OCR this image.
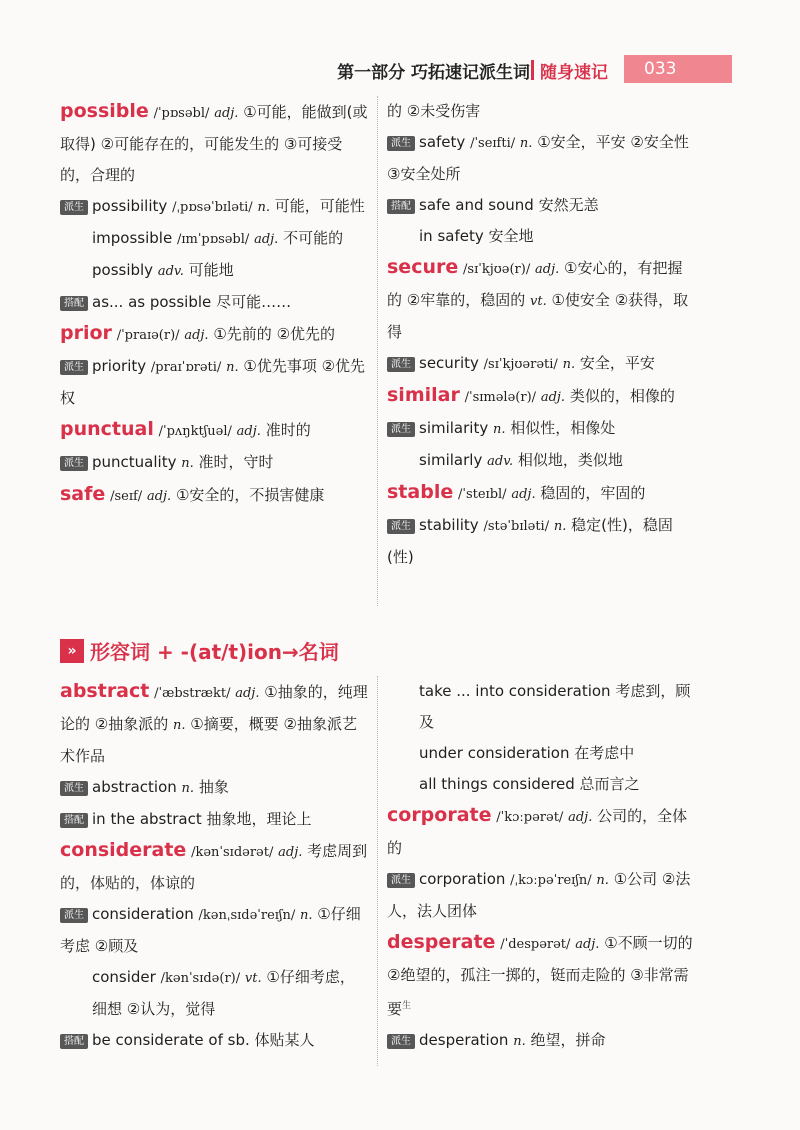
第一部分 巧拓速记派生词 随身速记	033

possible /ˈpɒsəbl/ adj. ①可能，能做到(或取得) ②可能存在的，可能发生的 ③可接受的，合理的

派生 possibility /ˌpɒsəˈbɪləti/ n. 可能，可能性

impossible /ɪmˈpɒsəbl/ adj. 不可能的

possibly adv. 可能地

搭配 as... as possible 尽可能……

prior /ˈpraɪə(r)/ adj. ①先前的 ②优先的

派生 priority /praɪˈɒrəti/ n. ①优先事项 ②优先权

punctual /ˈpʌŋktʃuəl/ adj. 准时的

派生 punctuality n. 准时，守时

safe /seɪf/ adj. ①安全的，不损害健康

的 ②未受伤害

派生 safety /ˈseɪfti/ n. ①安全，平安 ②安全性 ③安全处所

搭配 safe and sound 安然无恙

in safety 安全地

secure /sɪˈkjʊə(r)/ adj. ①安心的，有把握的 ②牢靠的，稳固的 vt. ①使安全 ②获得，取得

派生 security /sɪˈkjʊərəti/ n. 安全，平安

similar /ˈsɪmələ(r)/ adj. 类似的，相像的

派生 similarity n. 相似性，相像处

similarly adv. 相似地，类似地

stable /ˈsteɪbl/ adj. 稳固的，牢固的

派生 stability /stəˈbɪləti/ n. 稳定(性)，稳固(性)

» 形容词 + -(at/t)ion→名词

abstract /ˈæbstrækt/ adj. ①抽象的，纯理论的 ②抽象派的 n. ①摘要，概要 ②抽象派艺术作品

派生 abstraction n. 抽象

搭配 in the abstract 抽象地，理论上

considerate /kənˈsɪdərət/ adj. 考虑周到的，体贴的，体谅的

派生 consideration /kənˌsɪdəˈreɪʃn/ n. ①仔细考虑 ②顾及

consider /kənˈsɪdə(r)/ vt. ①仔细考虑，细想 ②认为，觉得

搭配 be considerate of sb. 体贴某人

take ... into consideration 考虑到，顾及

under consideration 在考虑中

all things considered 总而言之

corporate /ˈkɔːpərət/ adj. 公司的，全体的

派生 corporation /ˌkɔːpəˈreɪʃn/ n. ①公司 ②法人，法人团体

desperate /ˈdespərət/ adj. ①不顾一切的 ②绝望的，孤注一掷的，铤而走险的 ③非常需要$^生$

派生 desperation n. 绝望，拼命
